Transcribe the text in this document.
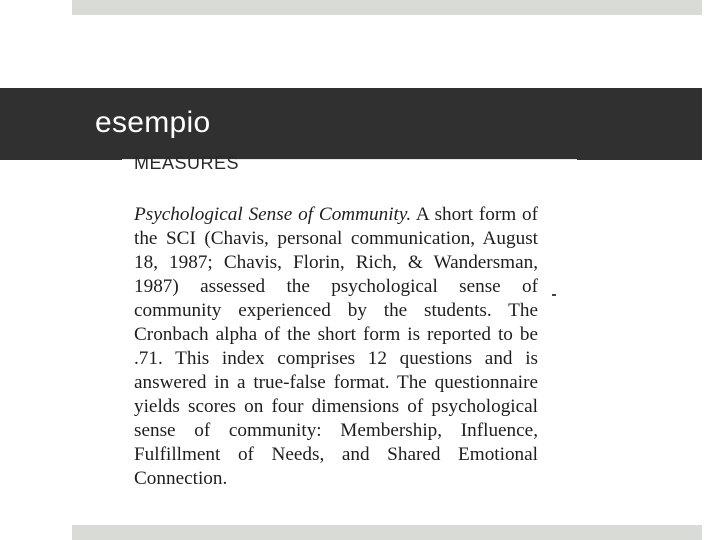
esempio
MEASURES
Psychological Sense of Community. A short form of the SCI (Chavis, personal communication, August 18, 1987; Chavis, Florin, Rich, & Wandersman, 1987) assessed the psychological sense of community experienced by the students. The Cronbach alpha of the short form is reported to be .71. This index comprises 12 questions and is answered in a true-false format. The questionnaire yields scores on four dimensions of psychological sense of community: Membership, Influence, Fulfillment of Needs, and Shared Emotional Connection.
